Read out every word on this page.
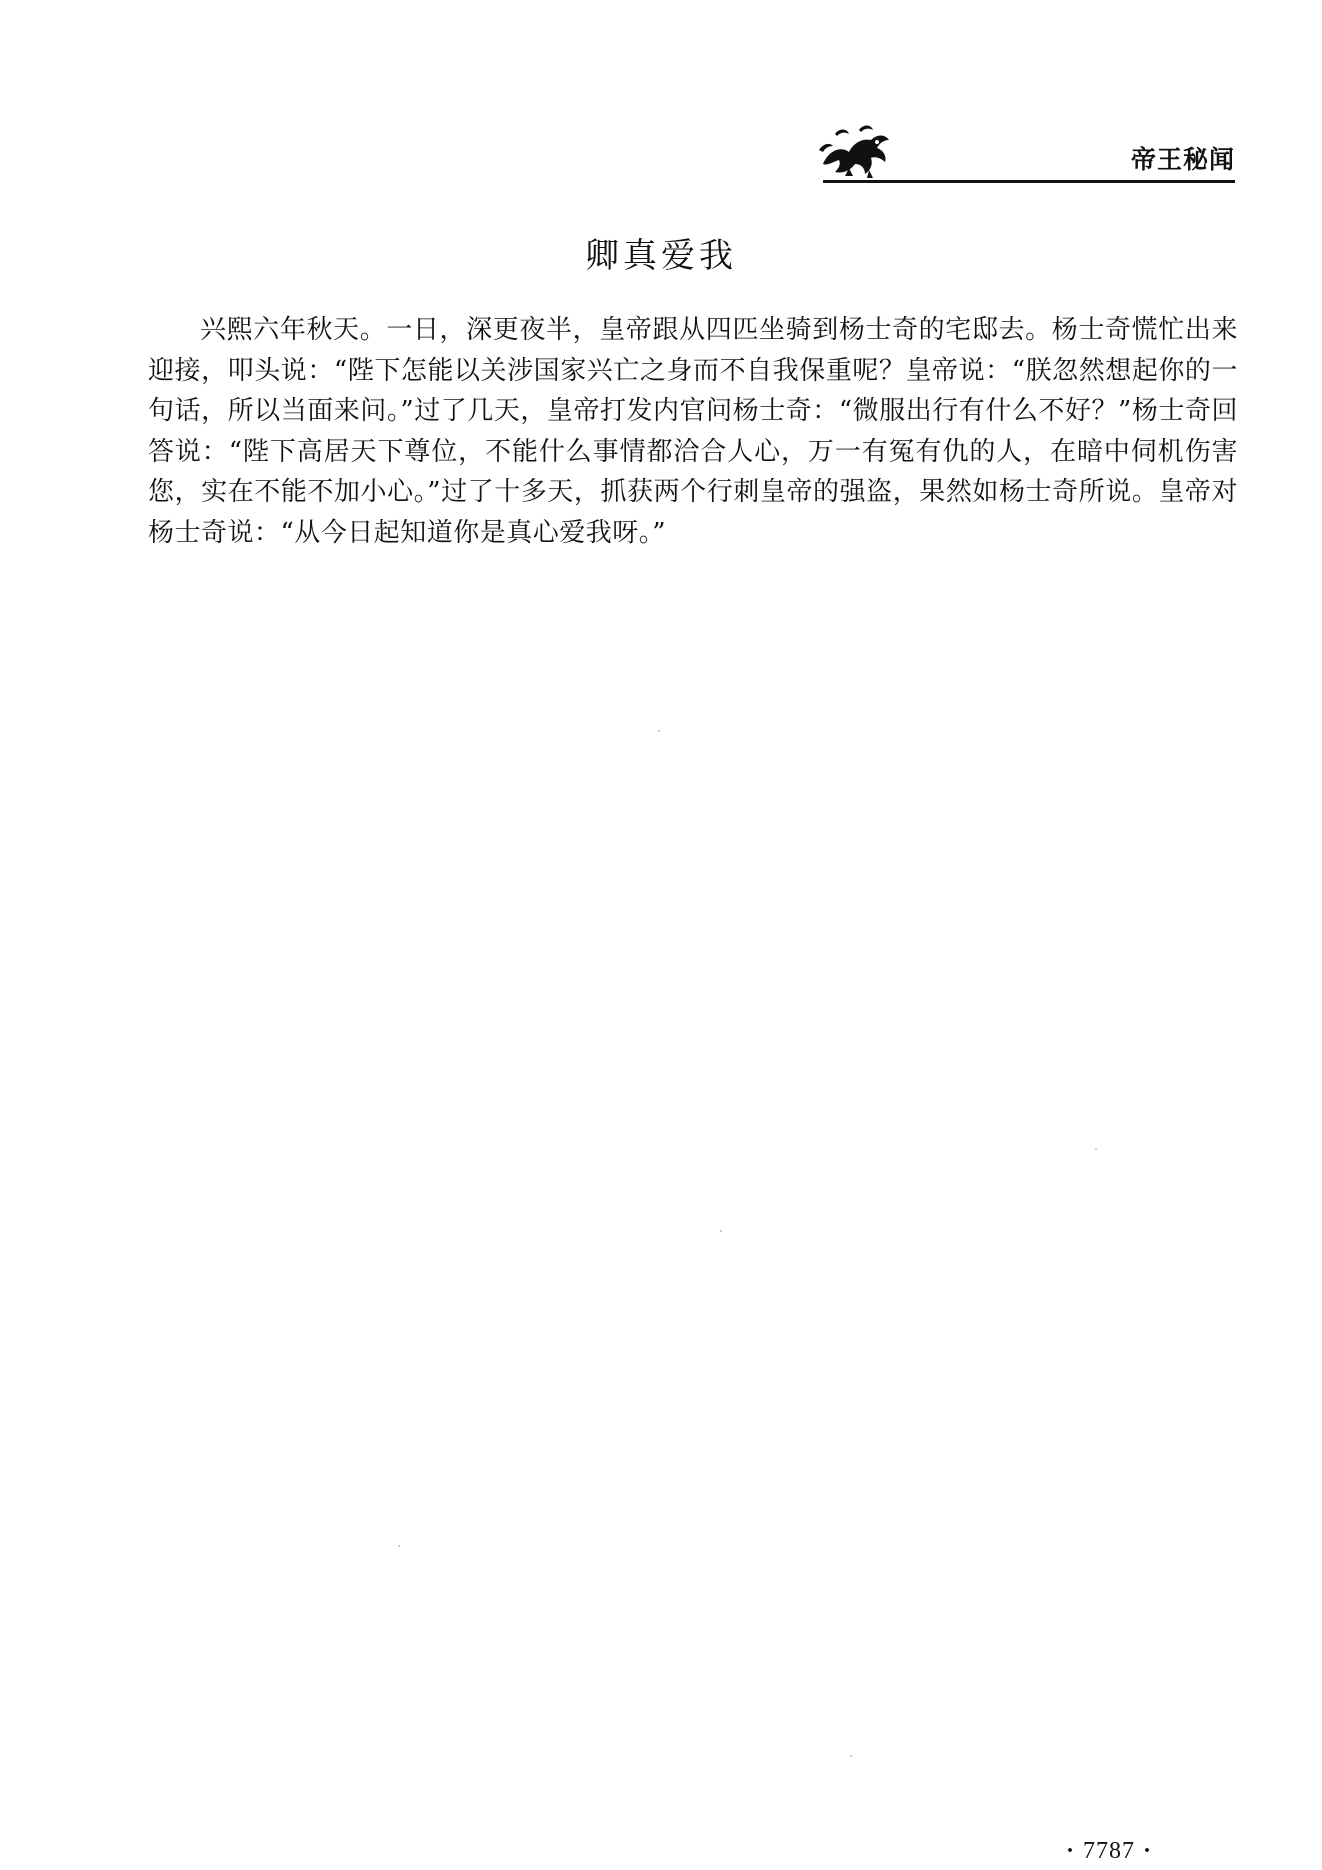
帝王秘闻
卿真爱我

兴熙六年秋天。一日，深更夜半，皇帝跟从四匹坐骑到杨士奇的宅邸去。杨士奇慌忙出来迎接，叩头说：“陛下怎能以关涉国家兴亡之身而不自我保重呢？皇帝说：“朕忽然想起你的一句话，所以当面来问。”过了几天，皇帝打发内官问杨士奇：“微服出行有什么不好？”杨士奇回答说：“陛下高居天下尊位，不能什么事情都洽合人心，万一有冤有仇的人，在暗中伺机伤害您，实在不能不加小心。”过了十多天，抓获两个行刺皇帝的强盗，果然如杨士奇所说。皇帝对杨士奇说：“从今日起知道你是真心爱我呀。”

· 7787 ·
